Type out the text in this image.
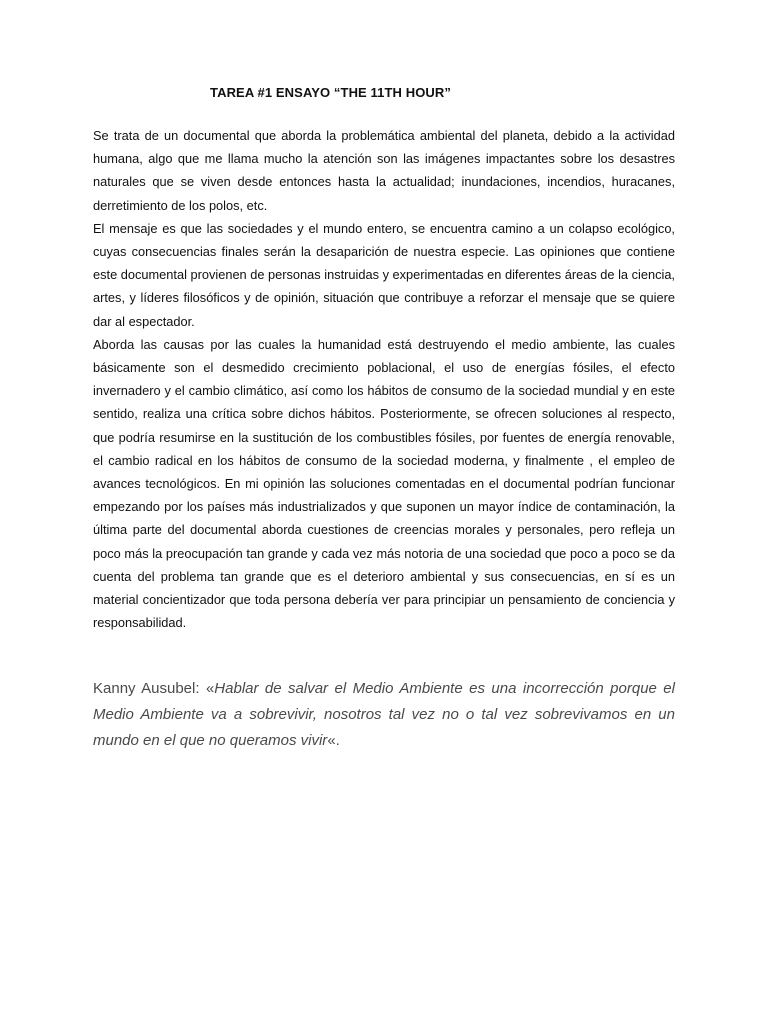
TAREA #1 ENSAYO “THE 11TH HOUR”

Se trata de un documental que aborda la problemática ambiental del planeta, debido a la actividad humana, algo que me llama mucho la atención son las imágenes impactantes sobre los desastres naturales que se viven desde entonces hasta la actualidad; inundaciones, incendios, huracanes, derretimiento de los polos, etc.

El mensaje es que las sociedades y el mundo entero, se encuentra camino a un colapso ecológico, cuyas consecuencias finales serán la desaparición de nuestra especie. Las opiniones que contiene este documental provienen de personas instruidas y experimentadas en diferentes áreas de la ciencia, artes, y líderes filosóficos y de opinión, situación que contribuye a reforzar el mensaje que se quiere dar al espectador.

Aborda las causas por las cuales la humanidad está destruyendo el medio ambiente, las cuales básicamente son el desmedido crecimiento poblacional, el uso de energías fósiles, el efecto invernadero y el cambio climático, así como los hábitos de consumo de la sociedad mundial y en este sentido, realiza una crítica sobre dichos hábitos. Posteriormente, se ofrecen soluciones al respecto, que podría resumirse en la sustitución de los combustibles fósiles, por fuentes de energía renovable, el cambio radical en los hábitos de consumo de la sociedad moderna, y finalmente , el empleo de avances tecnológicos. En mi opinión las soluciones comentadas en el documental podrían funcionar empezando por los países más industrializados y que suponen un mayor índice de contaminación, la última parte del documental aborda cuestiones de creencias morales y personales, pero refleja un poco más la preocupación tan grande y cada vez más notoria de una sociedad que poco a poco se da cuenta del problema tan grande que es el deterioro ambiental y sus consecuencias, en sí es un material concientizador que toda persona debería ver para principiar un pensamiento de conciencia y responsabilidad.

Kanny Ausubel: «Hablar de salvar el Medio Ambiente es una incorrección porque el Medio Ambiente va a sobrevivir, nosotros tal vez no o tal vez sobrevivamos en un mundo en el que no queramos vivir«.
